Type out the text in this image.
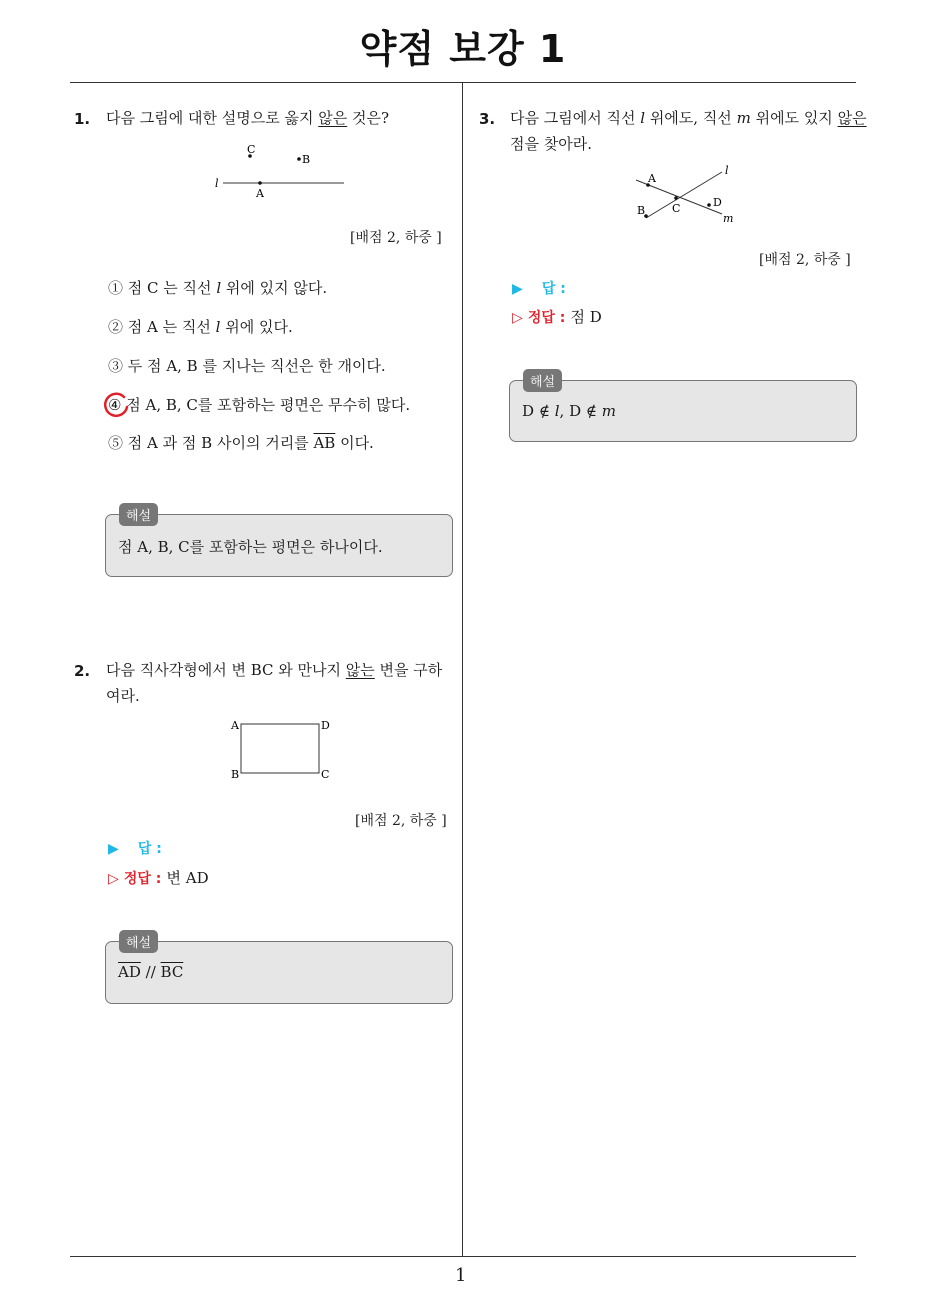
약점 보강 1
1
1. 다음 그림에 대한 설명으로 옳지 않은 것은?
l
C
B
A
[배점 2, 하중 ]
① 점 C 는 직선 l 위에 있지 않다.
② 점 A 는 직선 l 위에 있다.
③ 두 점 A, B 를 지나는 직선은 한 개이다.
④ 점 A, B, C를 포함하는 평면은 무수히 많다.
⑤ 점 A 과 점 B 사이의 거리를 $\overline{AB}$ 이다.
해설
점 A, B, C를 포함하는 평면은 하나이다.
2. 다음 직사각형에서 변 BC 와 만나지 않는 변을 구하
여라.
A	D
B	C
[배점 2, 하중 ]
▶ 답 :
▷ 정답 : 변 AD
해설
$\overline{AD} // \overline{BC}$
3. 다음 그림에서 직선 l 위에도, 직선 m 위에도 있지 않은
점을 찾아라.
l
m
A
B C	D
[배점 2, 하중 ]
▶ 답 :
▷ 정답 : 점 D
해설
D ∉ l, D ∉ m
